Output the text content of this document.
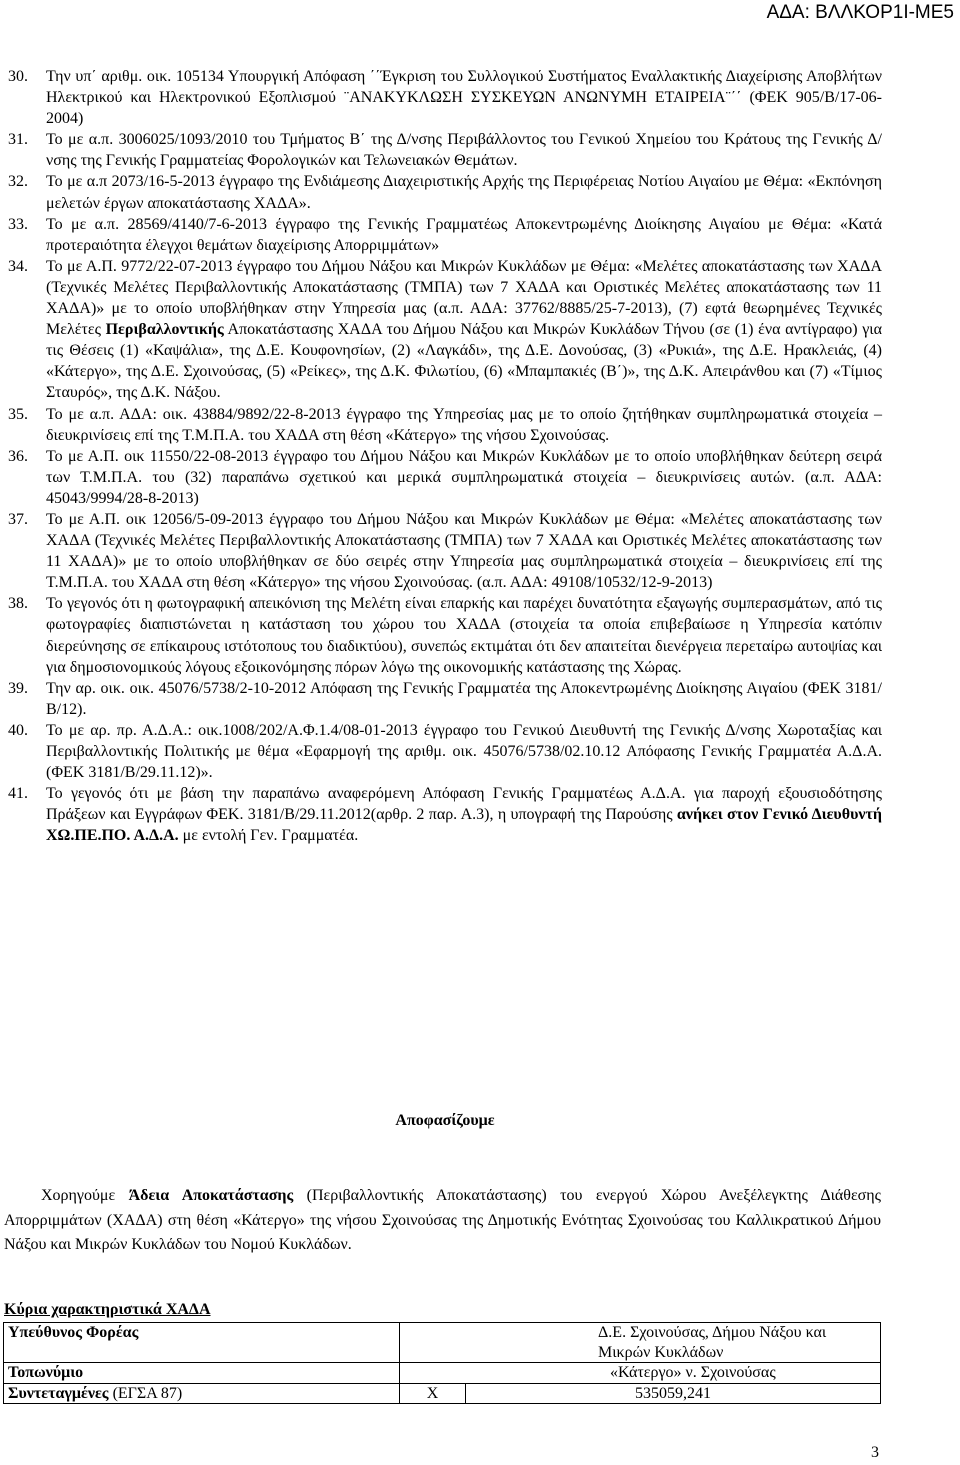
ΑΔΑ: ΒΛΛΚΟΡ1Ι-ΜΕ5
30.	Την υπ΄ αριθμ. οικ. 105134 Υπουργική Απόφαση ΄΄Έγκριση του Συλλογικού Συστήματος Εναλλακτικής Διαχείρισης Αποβλήτων Ηλεκτρικού και Ηλεκτρονικού Εξοπλισμού ¨ΑΝΑΚΥΚΛΩΣΗ ΣΥΣΚΕΥΩΝ ΑΝΩΝΥΜΗ ΕΤΑΙΡΕΙΑ¨΄΄ (ΦΕΚ 905/Β/17-06-2004)
31.	Το με α.π. 3006025/1093/2010 του Τμήματος Β΄ της Δ/νσης Περιβάλλοντος του Γενικού Χημείου του Κράτους της Γενικής Δ/νσης της Γενικής Γραμματείας Φορολογικών και Τελωνειακών Θεμάτων.
32.	Το με α.π 2073/16-5-2013 έγγραφο της Ενδιάμεσης Διαχειριστικής Αρχής της Περιφέρειας Νοτίου Αιγαίου με Θέμα: «Εκπόνηση μελετών έργων αποκατάστασης ΧΑΔΑ».
33.	Το με α.π. 28569/4140/7-6-2013 έγγραφο της Γενικής Γραμματέως Αποκεντρωμένης Διοίκησης Αιγαίου με Θέμα: «Κατά προτεραιότητα έλεγχοι θεμάτων διαχείρισης Απορριμμάτων»
34.	Το με Α.Π. 9772/22-07-2013 έγγραφο του Δήμου Νάξου και Μικρών Κυκλάδων με Θέμα: «Μελέτες αποκατάστασης των ΧΑΔΑ (Τεχνικές Μελέτες Περιβαλλοντικής Αποκατάστασης (ΤΜΠΑ) των 7 ΧΑΔΑ και Οριστικές Μελέτες αποκατάστασης των 11 ΧΑΔΑ)» με το οποίο υποβλήθηκαν στην Υπηρεσία μας (α.π. ΑΔΑ: 37762/8885/25-7-2013), (7) εφτά θεωρημένες Τεχνικές Μελέτες Περιβαλλοντικής Αποκατάστασης ΧΑΔΑ του Δήμου Νάξου και Μικρών Κυκλάδων Τήνου (σε (1) ένα αντίγραφο) για τις Θέσεις (1) «Καψάλια», της Δ.Ε. Κουφονησίων, (2) «Λαγκάδι», της Δ.Ε. Δονούσας, (3) «Ρυκιά», της Δ.Ε. Ηρακλειάς, (4) «Κάτεργο», της Δ.Ε. Σχοινούσας, (5) «Ρείκες», της Δ.Κ. Φιλωτίου, (6) «Μπαμπακιές (Β΄)», της Δ.Κ. Απειράνθου και (7) «Τίμιος Σταυρός», της Δ.Κ. Νάξου.
35.	Το με α.π. ΑΔΑ: οικ. 43884/9892/22-8-2013 έγγραφο της Υπηρεσίας μας με το οποίο ζητήθηκαν συμπληρωματικά στοιχεία – διευκρινίσεις επί της Τ.Μ.Π.Α. του ΧΑΔΑ στη θέση «Κάτεργο» της νήσου Σχοινούσας.
36.	Το με Α.Π. οικ 11550/22-08-2013 έγγραφο του Δήμου Νάξου και Μικρών Κυκλάδων με το οποίο υποβλήθηκαν δεύτερη σειρά των Τ.Μ.Π.Α. του (32) παραπάνω σχετικού και μερικά συμπληρωματικά στοιχεία – διευκρινίσεις αυτών. (α.π. ΑΔΑ: 45043/9994/28-8-2013)
37.	Το με Α.Π. οικ 12056/5-09-2013 έγγραφο του Δήμου Νάξου και Μικρών Κυκλάδων με Θέμα: «Μελέτες αποκατάστασης των ΧΑΔΑ (Τεχνικές Μελέτες Περιβαλλοντικής Αποκατάστασης (ΤΜΠΑ) των 7 ΧΑΔΑ και Οριστικές Μελέτες αποκατάστασης των 11 ΧΑΔΑ)» με το οποίο υποβλήθηκαν σε δύο σειρές στην Υπηρεσία μας συμπληρωματικά στοιχεία – διευκρινίσεις επί της Τ.Μ.Π.Α. του ΧΑΔΑ στη θέση «Κάτεργο» της νήσου Σχοινούσας. (α.π. ΑΔΑ: 49108/10532/12-9-2013)
38.	Το γεγονός ότι η φωτογραφική απεικόνιση της Μελέτη είναι επαρκής και παρέχει δυνατότητα εξαγωγής συμπερασμάτων, από τις φωτογραφίες διαπιστώνεται η κατάσταση του χώρου του ΧΑΔΑ (στοιχεία τα οποία επιβεβαίωσε η Υπηρεσία κατόπιν διερεύνησης σε επίκαιρους ιστότοπους του διαδικτύου), συνεπώς εκτιμάται ότι δεν απαιτείται διενέργεια περεταίρω αυτοψίας και για δημοσιονομικούς λόγους εξοικονόμησης πόρων λόγω της οικονομικής κατάστασης της Χώρας.
39.	Την αρ. οικ. οικ. 45076/5738/2-10-2012 Απόφαση της Γενικής Γραμματέα της Αποκεντρωμένης Διοίκησης Αιγαίου (ΦΕΚ 3181/Β/12).
40.	Το με αρ. πρ. Α.Δ.Α.: οικ.1008/202/Α.Φ.1.4/08-01-2013 έγγραφο του Γενικού Διευθυντή της Γενικής Δ/νσης Χωροταξίας και Περιβαλλοντικής Πολιτικής με θέμα «Εφαρμογή της αριθμ. οικ. 45076/5738/02.10.12 Απόφασης Γενικής Γραμματέα Α.Δ.Α. (ΦΕΚ 3181/Β/29.11.12)».
41.	Το γεγονός ότι με βάση την παραπάνω αναφερόμενη Απόφαση Γενικής Γραμματέως Α.Δ.Α. για παροχή εξουσιοδότησης Πράξεων και Εγγράφων ΦΕΚ. 3181/Β/29.11.2012(αρθρ. 2 παρ. Α.3), η υπογραφή της Παρούσης ανήκει στον Γενικό Διευθυντή ΧΩ.ΠΕ.ΠΟ. Α.Δ.Α. με εντολή Γεν. Γραμματέα.
Αποφασίζουμε
Χορηγούμε Άδεια Αποκατάστασης (Περιβαλλοντικής Αποκατάστασης) του ενεργού Χώρου Ανεξέλεγκτης Διάθεσης Απορριμμάτων (ΧΑΔΑ) στη θέση «Κάτεργο» της νήσου Σχοινούσας της Δημοτικής Ενότητας Σχοινούσας του Καλλικρατικού Δήμου Νάξου και Μικρών Κυκλάδων του Νομού Κυκλάδων.
Κύρια χαρακτηριστικά ΧΑΔΑ
Υπεύθυνος Φορέας	Δ.Ε. Σχοινούσας, Δήμου Νάξου και Μικρών Κυκλάδων	
Τοπωνύμιο	«Κάτεργο» ν. Σχοινούσας	
Συντεταγμένες (ΕΓΣΑ 87)	Χ	535059,241
3
